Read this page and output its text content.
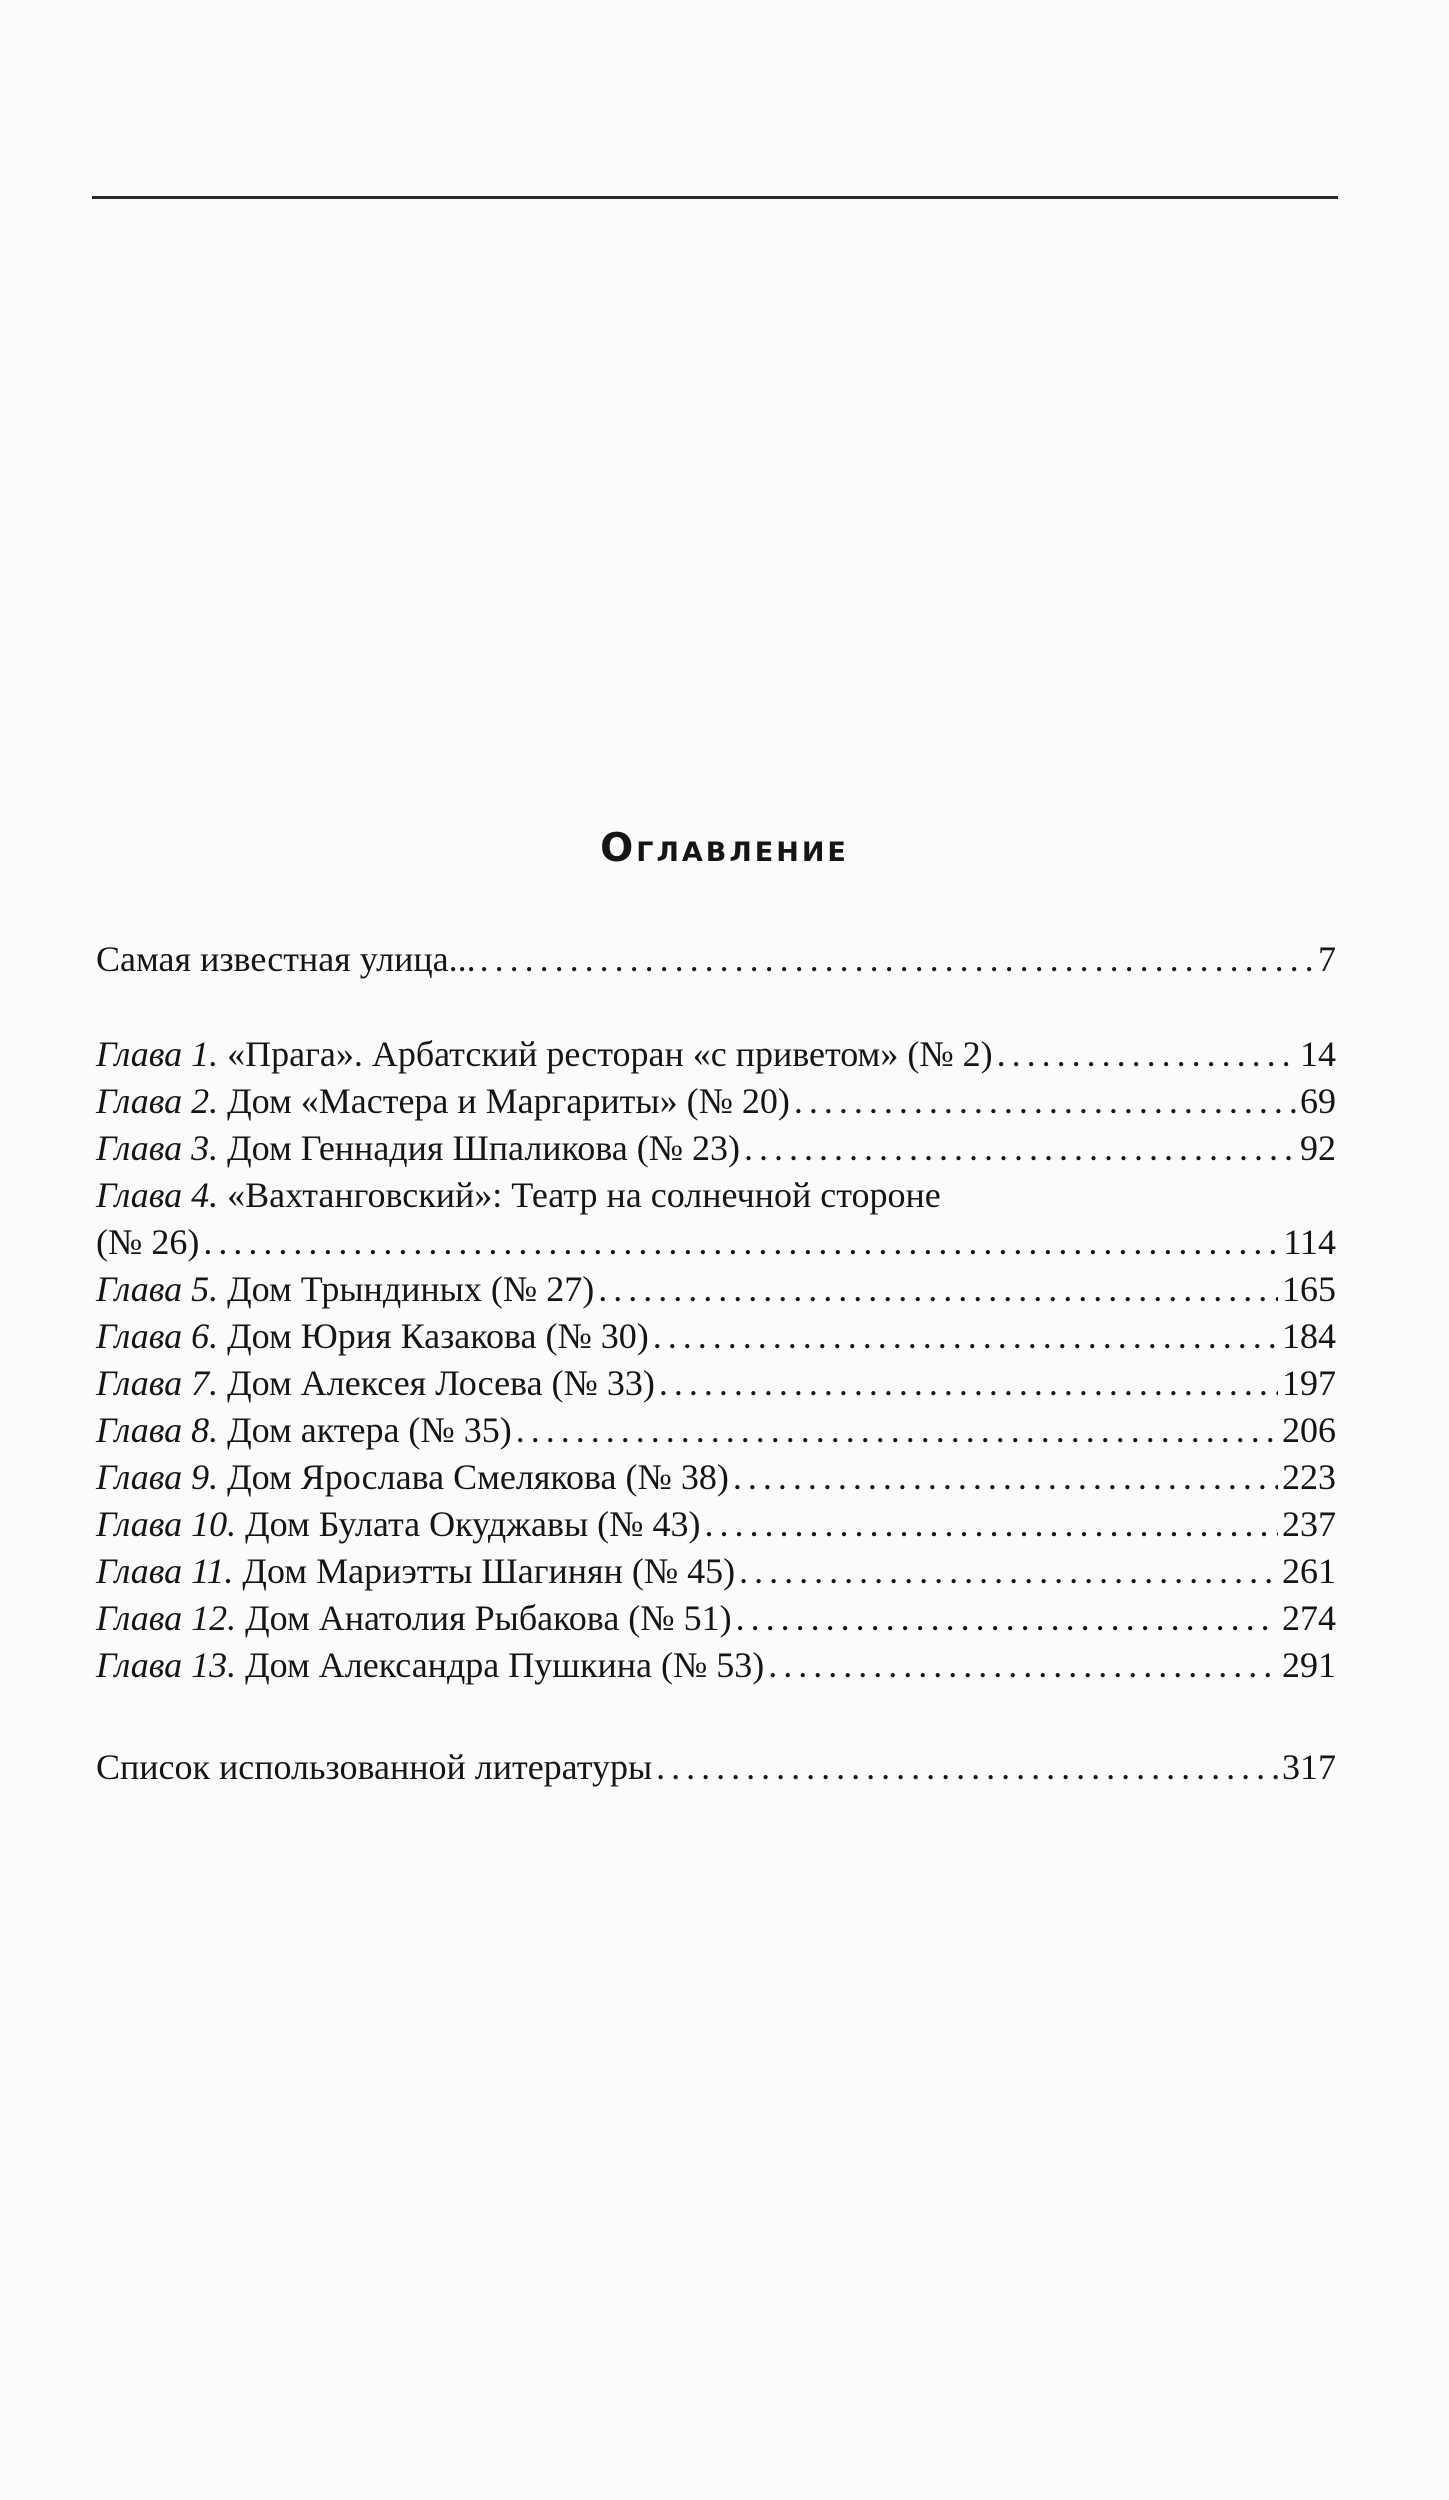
Оглавление
Самая известная улица... .....	7
Глава 1. «Прага». Арбатский ресторан «с приветом» (№ 2) .....	14
Глава 2. Дом «Мастера и Маргариты» (№ 20) .....	69
Глава 3. Дом Геннадия Шпаликова (№ 23) .....	92
Глава 4. «Вахтанговский»: Театр на солнечной стороне
(№ 26) .....	114
Глава 5. Дом Трындиных (№ 27) .....	165
Глава 6. Дом Юрия Казакова (№ 30) .....	184
Глава 7. Дом Алексея Лосева (№ 33) .....	197
Глава 8. Дом актера (№ 35) .....	206
Глава 9. Дом Ярослава Смелякова (№ 38) .....	223
Глава 10. Дом Булата Окуджавы (№ 43) .....	237
Глава 11. Дом Мариэтты Шагинян (№ 45) .....	261
Глава 12. Дом Анатолия Рыбакова (№ 51) .....	274
Глава 13. Дом Александра Пушкина (№ 53) .....	291
Список использованной литературы .....	317
